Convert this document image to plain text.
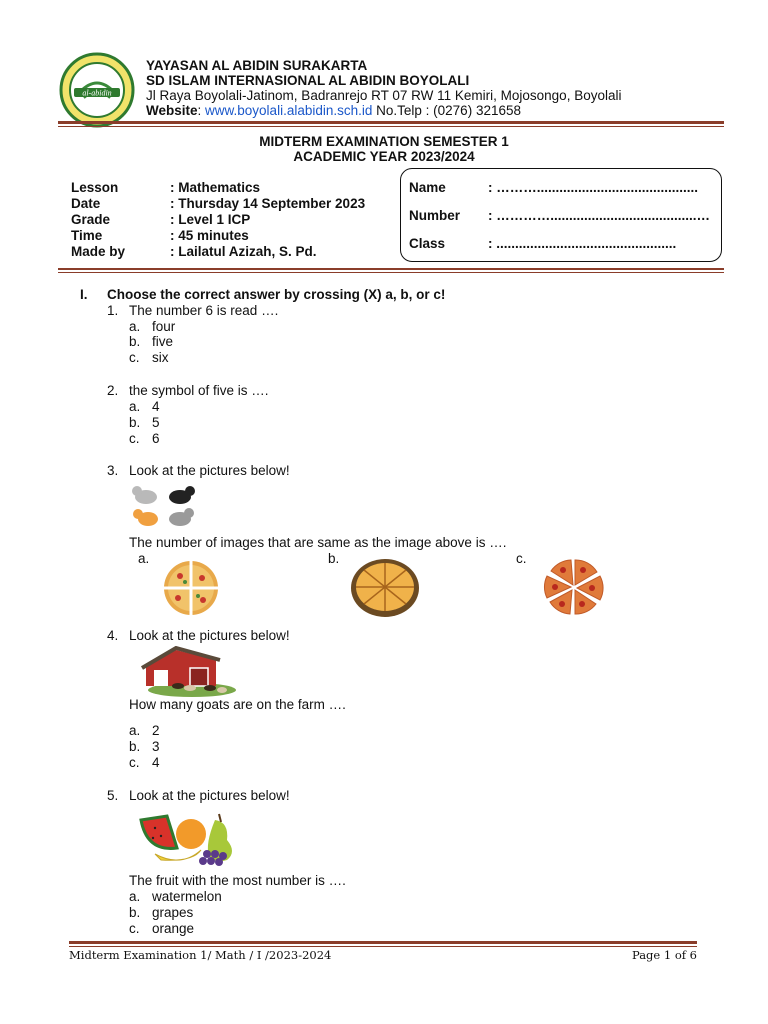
al-abidin
YAYASAN AL ABIDIN SURAKARTA
SD ISLAM INTERNASIONAL AL ABIDIN BOYOLALI
Jl Raya Boyolali-Jatinom, Badranrejo RT 07 RW 11 Kemiri, Mojosongo, Boyolali
Website: www.boyolali.alabidin.sch.id No.Telp : (0276) 321658
MIDTERM EXAMINATION SEMESTER 1
ACADEMIC YEAR 2023/2024
Lesson	: Mathematics
Date	: Thursday 14 September 2023
Grade	: Level 1 ICP
Time	: 45 minutes
Made by	: Lailatul Azizah, S. Pd.
Name	: ………...........................................
Number : ………….......................................…
Class	: ................................................
I. Choose the correct answer by crossing (X) a, b, or c!
1. The number 6 is read ….
a. four
b. five
c. six
2. the symbol of five is ….
a. 4
b. 5
c. 6
3. Look at the pictures below!
The number of images that are same as the image above is ….
a.	b.	c.
4. Look at the pictures below!
How many goats are on the farm ….
a. 2
b. 3
c. 4
5. Look at the pictures below!
The fruit with the most number is ….
a. watermelon
b. grapes
c. orange
Midterm Examination 1/ Math / I /2023-2024	Page 1 of 6
